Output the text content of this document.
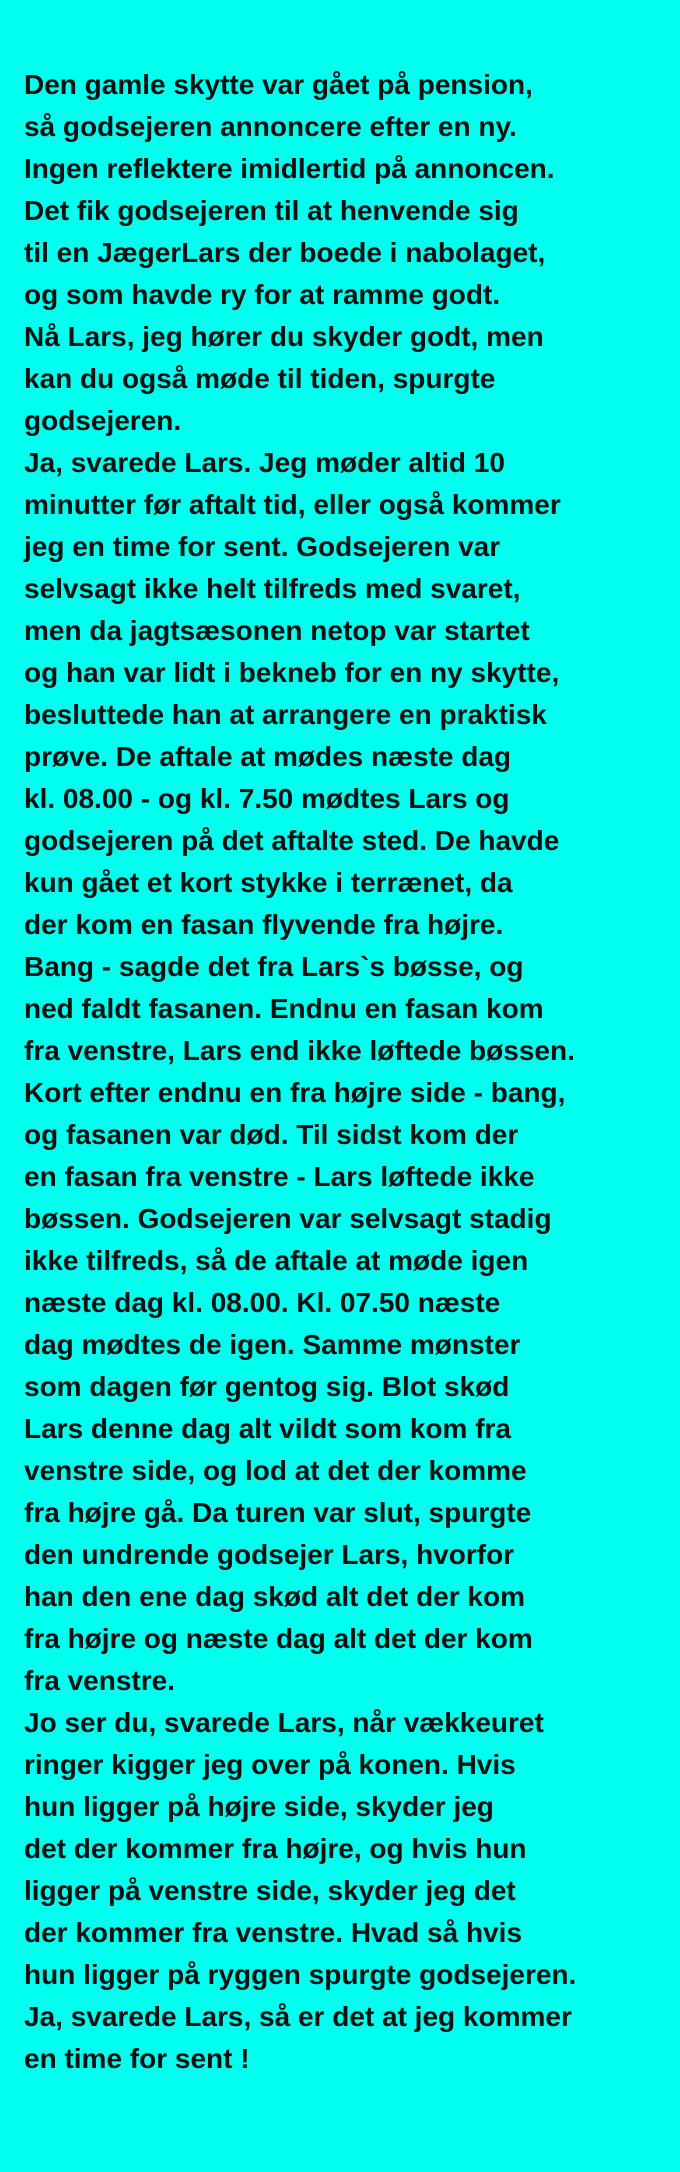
Den gamle skytte var gået på pension,
så godsejeren annoncere efter en ny.
Ingen reflektere imidlertid på annoncen.
Det fik godsejeren til at henvende sig
til en JægerLars der boede i nabolaget,
og som havde ry for at ramme godt.
Nå Lars, jeg hører du skyder godt, men
kan du også møde til tiden, spurgte
godsejeren.
Ja, svarede Lars. Jeg møder altid 10
minutter før aftalt tid, eller også kommer
jeg en time for sent. Godsejeren var
selvsagt ikke helt tilfreds med svaret,
men da jagtsæsonen netop var startet
og han var lidt i bekneb for en ny skytte,
besluttede han at arrangere en praktisk
prøve. De aftale at mødes næste dag
kl. 08.00 - og kl. 7.50 mødtes Lars og
godsejeren på det aftalte sted. De havde
kun gået et kort stykke i terrænet, da
der kom en fasan flyvende fra højre.
Bang - sagde det fra Lars`s bøsse, og
ned faldt fasanen. Endnu en fasan kom
fra venstre, Lars end ikke løftede bøssen.
Kort efter endnu en fra højre side - bang,
og fasanen var død. Til sidst kom der
en fasan fra venstre - Lars løftede ikke
bøssen. Godsejeren var selvsagt stadig
ikke tilfreds, så de aftale at møde igen
næste dag kl. 08.00. Kl. 07.50 næste
dag mødtes de igen. Samme mønster
som dagen før gentog sig. Blot skød
Lars denne dag alt vildt som kom fra
venstre side, og lod at det der komme
fra højre gå. Da turen var slut, spurgte
den undrende godsejer Lars, hvorfor
han den ene dag skød alt det der kom
fra højre og næste dag alt det der kom
fra venstre.
Jo ser du, svarede Lars, når vækkeuret
ringer kigger jeg over på konen. Hvis
hun ligger på højre side, skyder jeg
det der kommer fra højre, og hvis hun
ligger på venstre side, skyder jeg det
der kommer fra venstre. Hvad så hvis
hun ligger på ryggen spurgte godsejeren.
Ja, svarede Lars, så er det at jeg kommer
en time for sent !
